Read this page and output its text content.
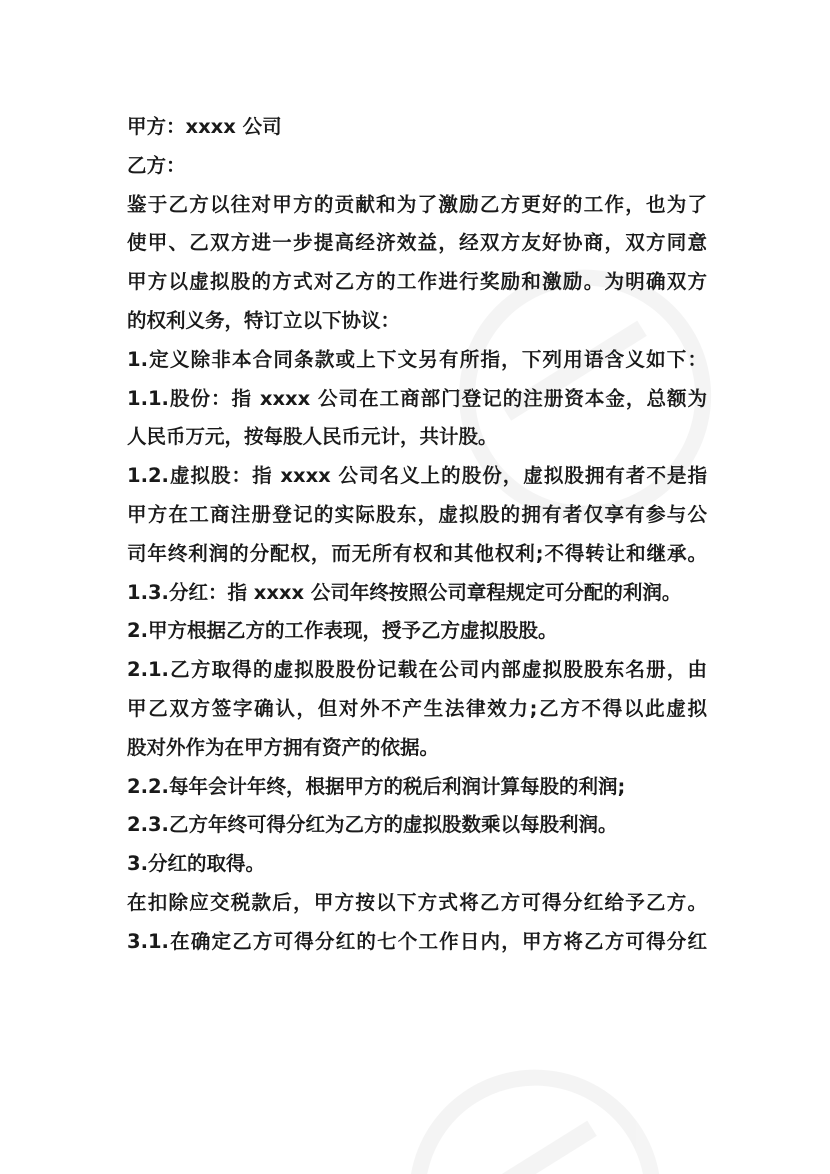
甲方：xxxx 公司
乙方：
鉴于乙方以往对甲方的贡献和为了激励乙方更好的工作，也为了
使甲、乙双方进一步提高经济效益，经双方友好协商，双方同意
甲方以虚拟股的方式对乙方的工作进行奖励和激励。为明确双方
的权利义务，特订立以下协议：
1.定义除非本合同条款或上下文另有所指，下列用语含义如下：
1.1.股份：指 xxxx 公司在工商部门登记的注册资本金，总额为
人民币万元，按每股人民币元计，共计股。
1.2.虚拟股：指 xxxx 公司名义上的股份，虚拟股拥有者不是指
甲方在工商注册登记的实际股东，虚拟股的拥有者仅享有参与公
司年终利润的分配权，而无所有权和其他权利;不得转让和继承。
1.3.分红：指 xxxx 公司年终按照公司章程规定可分配的利润。
2.甲方根据乙方的工作表现，授予乙方虚拟股股。
2.1.乙方取得的虚拟股股份记载在公司内部虚拟股股东名册，由
甲乙双方签字确认，但对外不产生法律效力;乙方不得以此虚拟
股对外作为在甲方拥有资产的依据。
2.2.每年会计年终，根据甲方的税后利润计算每股的利润;
2.3.乙方年终可得分红为乙方的虚拟股数乘以每股利润。
3.分红的取得。
在扣除应交税款后，甲方按以下方式将乙方可得分红给予乙方。
3.1.在确定乙方可得分红的七个工作日内，甲方将乙方可得分红
